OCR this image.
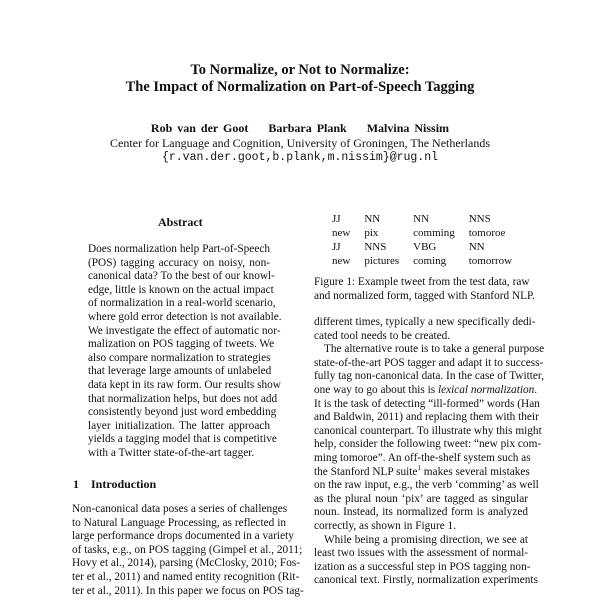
To Normalize, or Not to Normalize:
The Impact of Normalization on Part-of-Speech Tagging
Rob van der Goot    Barbara Plank    Malvina Nissim
Center for Language and Cognition, University of Groningen, The Netherlands
{r.van.der.goot,b.plank,m.nissim}@rug.nl
Abstract
Does normalization help Part-of-Speech
(POS) tagging accuracy on noisy, non-
canonical data? To the best of our knowl-
edge, little is known on the actual impact
of normalization in a real-world scenario,
where gold error detection is not available.
We investigate the effect of automatic nor-
malization on POS tagging of tweets. We
also compare normalization to strategies
that leverage large amounts of unlabeled
data kept in its raw form. Our results show
that normalization helps, but does not add
consistently beyond just word embedding
layer initialization. The latter approach
yields a tagging model that is competitive
with a Twitter state-of-the-art tagger.
1 Introduction
Non-canonical data poses a series of challenges
to Natural Language Processing, as reflected in
large performance drops documented in a variety
of tasks, e.g., on POS tagging (Gimpel et al., 2011;
Hovy et al., 2014), parsing (McClosky, 2010; Fos-
ter et al., 2011) and named entity recognition (Rit-
ter et al., 2011). In this paper we focus on POS tag-
JJ	NN	NN	NNS
new	pix	comming	tomoroe
JJ	NNS	VBG	NN
new	pictures	coming	tomorrow
Figure 1: Example tweet from the test data, raw
and normalized form, tagged with Stanford NLP.
different times, typically a new specifically dedi-
cated tool needs to be created.
The alternative route is to take a general purpose
state-of-the-art POS tagger and adapt it to success-
fully tag non-canonical data. In the case of Twitter,
one way to go about this is lexical normalization.
It is the task of detecting “ill-formed” words (Han
and Baldwin, 2011) and replacing them with their
canonical counterpart. To illustrate why this might
help, consider the following tweet: “new pix com-
ming tomoroe”. An off-the-shelf system such as
the Stanford NLP suite$^1$ makes several mistakes
on the raw input, e.g., the verb ‘comming’ as well
as the plural noun ‘pix’ are tagged as singular
noun. Instead, its normalized form is analyzed
correctly, as shown in Figure 1.
While being a promising direction, we see at
least two issues with the assessment of normal-
ization as a successful step in POS tagging non-
canonical text. Firstly, normalization experiments
